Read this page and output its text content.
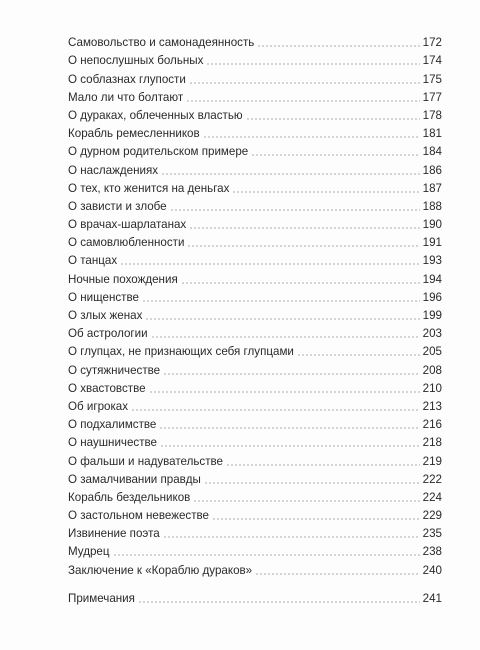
Самовольство и самонадеянность	172
О непослушных больных	174
О соблазнах глупости	175
Мало ли что болтают	177
О дураках, облеченных властью	178
Корабль ремесленников	181
О дурном родительском примере	184
О наслаждениях	186
О тех, кто женится на деньгах	187
О зависти и злобе	188
О врачах-шарлатанах	190
О самовлюбленности	191
О танцах	193
Ночные похождения	194
О нищенстве	196
О злых женах	199
Об астрологии	203
О глупцах, не признающих себя глупцами	205
О сутяжничестве	208
О хвастовстве	210
Об игроках	213
О подхалимстве	216
О наушничестве	218
О фальши и надувательстве	219
О замалчивании правды	222
Корабль бездельников	224
О застольном невежестве	229
Извинение поэта	235
Мудрец	238
Заключение к «Кораблю дураков»	240
Примечания	241
